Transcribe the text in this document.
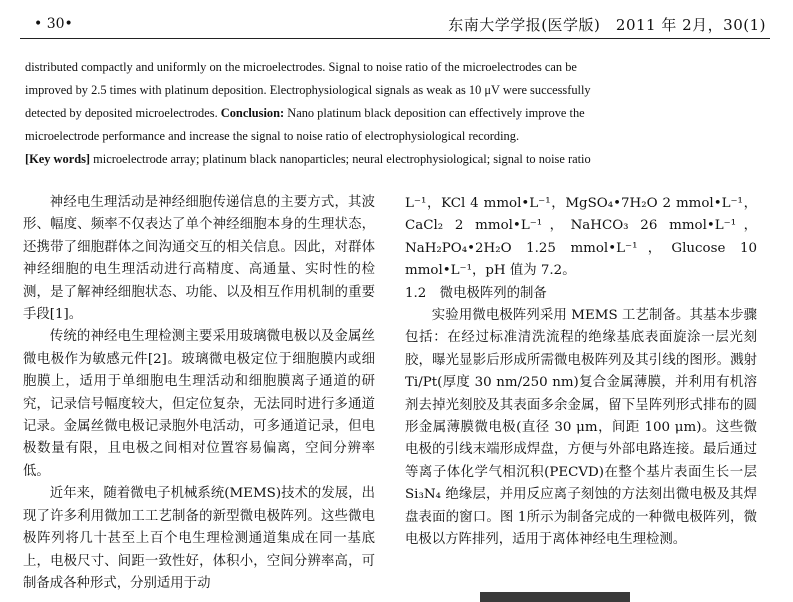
• 30•	东南大学学报(医学版)　2011 年 2月，30(1)

distributed compactly and uniformly on the microelectrodes. Signal to noise ratio of the microelectrodes can be

improved by 2.5 times with platinum deposition. Electrophysiological signals as weak as 10 μV were successfully

detected by deposited microelectrodes. Conclusion: Nano platinum black deposition can effectively improve the

microelectrode performance and increase the signal to noise ratio of electrophysiological recording.

[Key words] microelectrode array; platinum black nanoparticles; neural electrophysiological; signal to noise ratio

神经电生理活动是神经细胞传递信息的主要方式，其波形、幅度、频率不仅表达了单个神经细胞本身的生理状态，还携带了细胞群体之间沟通交互的相关信息。因此，对群体神经细胞的电生理活动进行高精度、高通量、实时性的检测，是了解神经细胞状态、功能、以及相互作用机制的重要手段[1]。

传统的神经电生理检测主要采用玻璃微电极以及金属丝微电极作为敏感元件[2]。玻璃微电极定位于细胞膜内或细胞膜上，适用于单细胞电生理活动和细胞膜离子通道的研究，记录信号幅度较大，但定位复杂，无法同时进行多通道记录。金属丝微电极记录胞外电活动，可多通道记录，但电极数量有限，且电极之间相对位置容易偏离，空间分辨率低。

近年来，随着微电子机械系统(MEMS)技术的发展，出现了许多利用微加工工艺制备的新型微电极阵列。这些微电极阵列将几十甚至上百个电生理检测通道集成在同一基底上，电极尺寸、间距一致性好，体积小，空间分辨率高，可制备成各种形式，分别适用于动

L⁻¹，KCl 4 mmol•L⁻¹，MgSO₄•7H₂O 2 mmol•L⁻¹，CaCl₂ 2 mmol•L⁻¹，NaHCO₃ 26 mmol•L⁻¹，NaH₂PO₄•2H₂O 1.25 mmol•L⁻¹，Glucose 10 mmol•L⁻¹，pH 值为 7.2。

1.2　微电极阵列的制备

实验用微电极阵列采用 MEMS 工艺制备。其基本步骤包括：在经过标准清洗流程的绝缘基底表面旋涂一层光刻胶，曝光显影后形成所需微电极阵列及其引线的图形。溅射 Ti/Pt(厚度 30 nm/250 nm)复合金属薄膜，并利用有机溶剂去掉光刻胶及其表面多余金属，留下呈阵列形式排布的圆形金属薄膜微电极(直径 30 μm，间距 100 μm)。这些微电极的引线末端形成焊盘，方便与外部电路连接。最后通过等离子体化学气相沉积(PECVD)在整个基片表面生长一层 Si₃N₄ 绝缘层，并用反应离子刻蚀的方法刻出微电极及其焊盘表面的窗口。图 1所示为制备完成的一种微电极阵列，微电极以方阵排列，适用于离体神经电生理检测。
